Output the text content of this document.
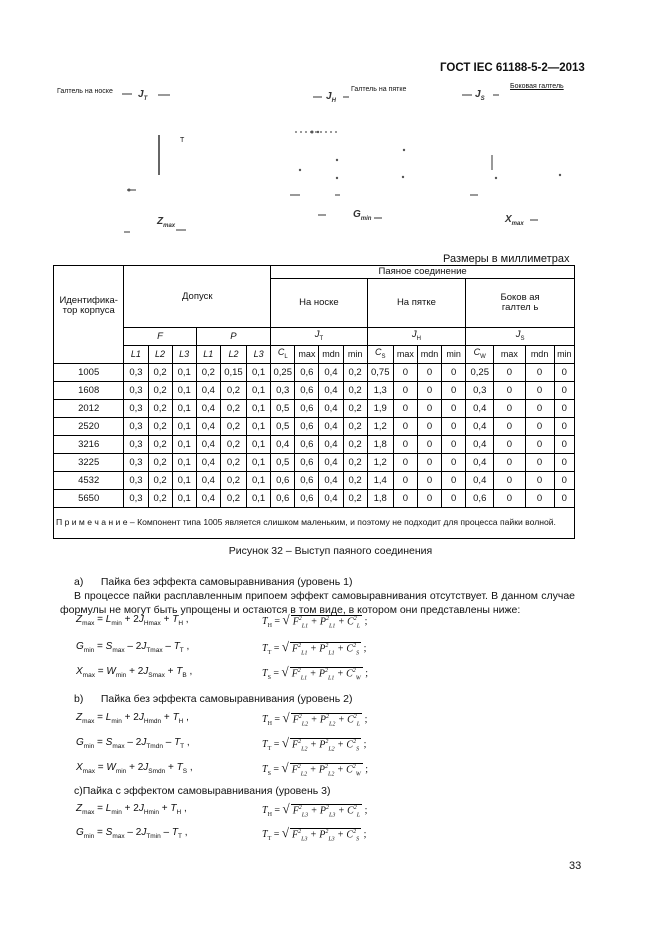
ГОСТ IEC 61188-5-2—2013
Галтель на носке	$J_T$	$J_H$
Галтель на пятке	$J_S$
Боковая галтель
T
$Z_{max}$
$G_{min}$	$X_{max}$
Размеры в миллиметрах
Идентифика-тор корпуса	Допуск						Паяное соединение											
							На носке				На пятке				Боков ая галтел ь			
	F			P			$J_T$				$J_H$				$J_S$
	L1	L2	L3	L1	L2	L3	$C_L$	max	mdn	min	$C_S$	max	mdn	min	$C_W$	max	mdn	min
1005	0,3	0,2	0,1	0,2	0,15	0,1	0,25	0,6	0,4	0,2	0,75	0	0	0	0,25	0	0	0
1608	0,3	0,2	0,1	0,4	0,2	0,1	0,3	0,6	0,4	0,2	1,3	0	0	0	0,3	0	0	0
2012	0,3	0,2	0,1	0,4	0,2	0,1	0,5	0,6	0,4	0,2	1,9	0	0	0	0,4	0	0	0
2520	0,3	0,2	0,1	0,4	0,2	0,1	0,5	0,6	0,4	0,2	1,2	0	0	0	0,4	0	0	0
3216	0,3	0,2	0,1	0,4	0,2	0,1	0,4	0,6	0,4	0,2	1,8	0	0	0	0,4	0	0	0
3225	0,3	0,2	0,1	0,4	0,2	0,1	0,5	0,6	0,4	0,2	1,2	0	0	0	0,4	0	0	0
4532	0,3	0,2	0,1	0,4	0,2	0,1	0,6	0,6	0,4	0,2	1,4	0	0	0	0,4	0	0	0
5650	0,3	0,2	0,1	0,4	0,2	0,1	0,6	0,6	0,4	0,2	1,8	0	0	0	0,6	0	0	0
П р и м е ч а н и е – Компонент типа 1005 является слишком маленьким, и поэтому не подходит для процесса пайки волной.																		
Рисунок 32 – Выступ паяного соединения
a)      Пайка без эффекта самовыравнивания (уровень 1)
В процессе пайки расплавленным припоем эффект самовыравнивания отсутствует. В данном случае формулы не могут быть упрощены и остаются в том виде, в котором они представлены ниже:
$Z_{max} = L_{min} + 2J_{Hmax} + T_H$ ,	$T_H$ = √ $F^2_{L1} + P^2_{L1} + C^2_L$ ;
$G_{min} = S_{max} - 2J_{Tmax} - T_T$ ,	$T_T$ = √ $F^2_{L1} + P^2_{L1} + C^2_S$ ;
$X_{max} = W_{min} + 2J_{Smax} + T_B$ ,	$T_S$ = √ $F^2_{L1} + P^2_{L1} + C^2_W$ ;
$Z_{max} = L_{min} + 2J_{Hmdn} + T_H$ ,	$T_H$ = √ $F^2_{L2} + P^2_{L2} + C^2_L$ ;
$G_{min} = S_{max} - 2J_{Tmdn} - T_T$ ,	$T_T$ = √ $F^2_{L2} + P^2_{L2} + C^2_S$ ;
$X_{max} = W_{min} + 2J_{Smdn} + T_S$ ,	$T_S$ = √ $F^2_{L2} + P^2_{L2} + C^2_W$ ;
$Z_{max} = L_{min} + 2J_{Hmin} + T_H$ ,	$T_H$ = √ $F^2_{L3} + P^2_{L3} + C^2_L$ ;
$G_{min} = S_{max} - 2J_{Tmin} - T_T$ ,	$T_T$ = √ $F^2_{L3} + P^2_{L3} + C^2_S$ ;
b)      Пайка без эффекта самовыравнивания (уровень 2)
c)Пайка с эффектом самовыравнивания (уровень 3)
33
